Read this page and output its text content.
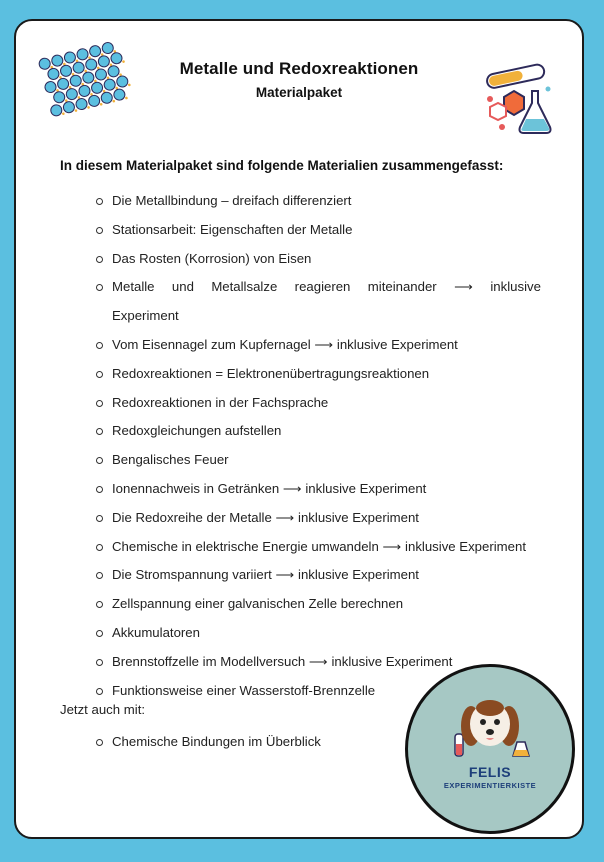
Metalle und Redoxreaktionen
Materialpaket
In diesem Materialpaket sind folgende Materialien zusammengefasst:
Die Metallbindung – dreifach differenziert
Stationsarbeit: Eigenschaften der Metalle
Das Rosten (Korrosion) von Eisen
Metalle und Metallsalze reagieren miteinander ⟶ inklusive
Experiment
Vom Eisennagel zum Kupfernagel ⟶ inklusive Experiment
Redoxreaktionen = Elektronenübertragungsreaktionen
Redoxreaktionen in der Fachsprache
Redoxgleichungen aufstellen
Bengalisches Feuer
Ionennachweis in Getränken ⟶ inklusive Experiment
Die Redoxreihe der Metalle ⟶ inklusive Experiment
Chemische in elektrische Energie umwandeln ⟶ inklusive Experiment
Die Stromspannung variiert ⟶ inklusive Experiment
Zellspannung einer galvanischen Zelle berechnen
Akkumulatoren
Brennstoffzelle im Modellversuch ⟶ inklusive Experiment
Funktionsweise einer Wasserstoff-Brennzelle
Jetzt auch mit:
Chemische Bindungen im Überblick
FELIS
EXPERIMENTIERKISTE
